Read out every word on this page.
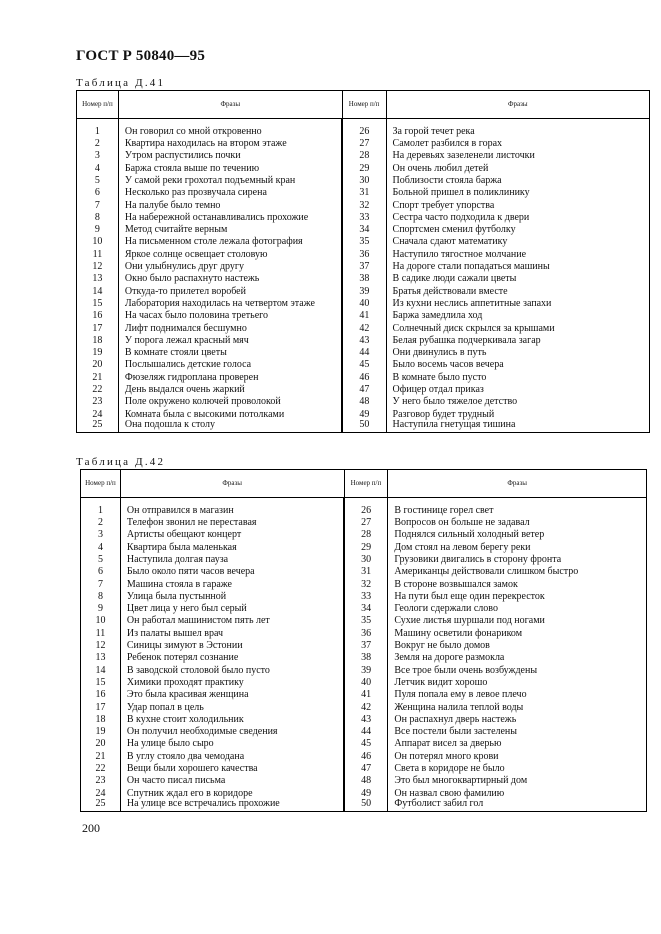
ГОСТ Р 50840—95
Таблица Д.41
Номер п/п	Фразы	Номер п/п	Фразы
1	Он говорил со мной откровенно	26	За горой течет река
2	Квартира находилась на втором этаже	27	Самолет разбился в горах
3	Утром распустились почки	28	На деревьях зазеленели листочки
4	Баржа стояла выше по течению	29	Он очень любил детей
5	У самой реки грохотал подъемный кран	30	Поблизости стояла баржа
6	Несколько раз прозвучала сирена	31	Больной пришел в поликлинику
7	На палубе было темно	32	Спорт требует упорства
8	На набережной останавливались прохожие	33	Сестра часто подходила к двери
9	Метод считайте верным	34	Спортсмен сменил футболку
10	На письменном столе лежала фотография	35	Сначала сдают математику
11	Яркое солнце освещает столовую	36	Наступило тягостное молчание
12	Они улыбнулись друг другу	37	На дороге стали попадаться машины
13	Окно было распахнуто настежь	38	В садике люди сажали цветы
14	Откуда-то прилетел воробей	39	Братья действовали вместе
15	Лаборатория находилась на четвертом этаже	40	Из кухни неслись аппетитные запахи
16	На часах было половина третьего	41	Баржа замедлила ход
17	Лифт поднимался бесшумно	42	Солнечный диск скрылся за крышами
18	У порога лежал красный мяч	43	Белая рубашка подчеркивала загар
19	В комнате стояли цветы	44	Они двинулись в путь
20	Послышались детские голоса	45	Было восемь часов вечера
21	Фюзеляж гидроплана проверен	46	В комнате было пусто
22	День выдался очень жаркий	47	Офицер отдал приказ
23	Поле окружено колючей проволокой	48	У него было тяжелое детство
24	Комната была с высокими потолками	49	Разговор будет трудный
25	Она подошла к столу	50	Наступила гнетущая тишина
Таблица Д.42
Номер п/п	Фразы	Номер п/п	Фразы
1	Он отправился в магазин	26	В гостинице горел свет
2	Телефон звонил не переставая	27	Вопросов он больше не задавал
3	Артисты обещают концерт	28	Поднялся сильный холодный ветер
4	Квартира была маленькая	29	Дом стоял на левом берегу реки
5	Наступила долгая пауза	30	Грузовики двигались в сторону фронта
6	Было около пяти часов вечера	31	Американцы действовали слишком быстро
7	Машина стояла в гараже	32	В стороне возвышался замок
8	Улица была пустынной	33	На пути был еще один перекресток
9	Цвет лица у него был серый	34	Геологи сдержали слово
10	Он работал машинистом пять лет	35	Сухие листья шуршали под ногами
11	Из палаты вышел врач	36	Машину осветили фонариком
12	Синицы зимуют в Эстонии	37	Вокруг не было домов
13	Ребенок потерял сознание	38	Земля на дороге размокла
14	В заводской столовой было пусто	39	Все трое были очень возбуждены
15	Химики проходят практику	40	Летчик видит хорошо
16	Это была красивая женщина	41	Пуля попала ему в левое плечо
17	Удар попал в цель	42	Женщина налила теплой воды
18	В кухне стоит холодильник	43	Он распахнул дверь настежь
19	Он получил необходимые сведения	44	Все постели были застелены
20	На улице было сыро	45	Аппарат висел за дверью
21	В углу стояло два чемодана	46	Он потерял много крови
22	Вещи были хорошего качества	47	Света в коридоре не было
23	Он часто писал письма	48	Это был многоквартирный дом
24	Спутник ждал его в коридоре	49	Он назвал свою фамилию
25	На улице все встречались прохожие	50	Футболист забил гол
200
